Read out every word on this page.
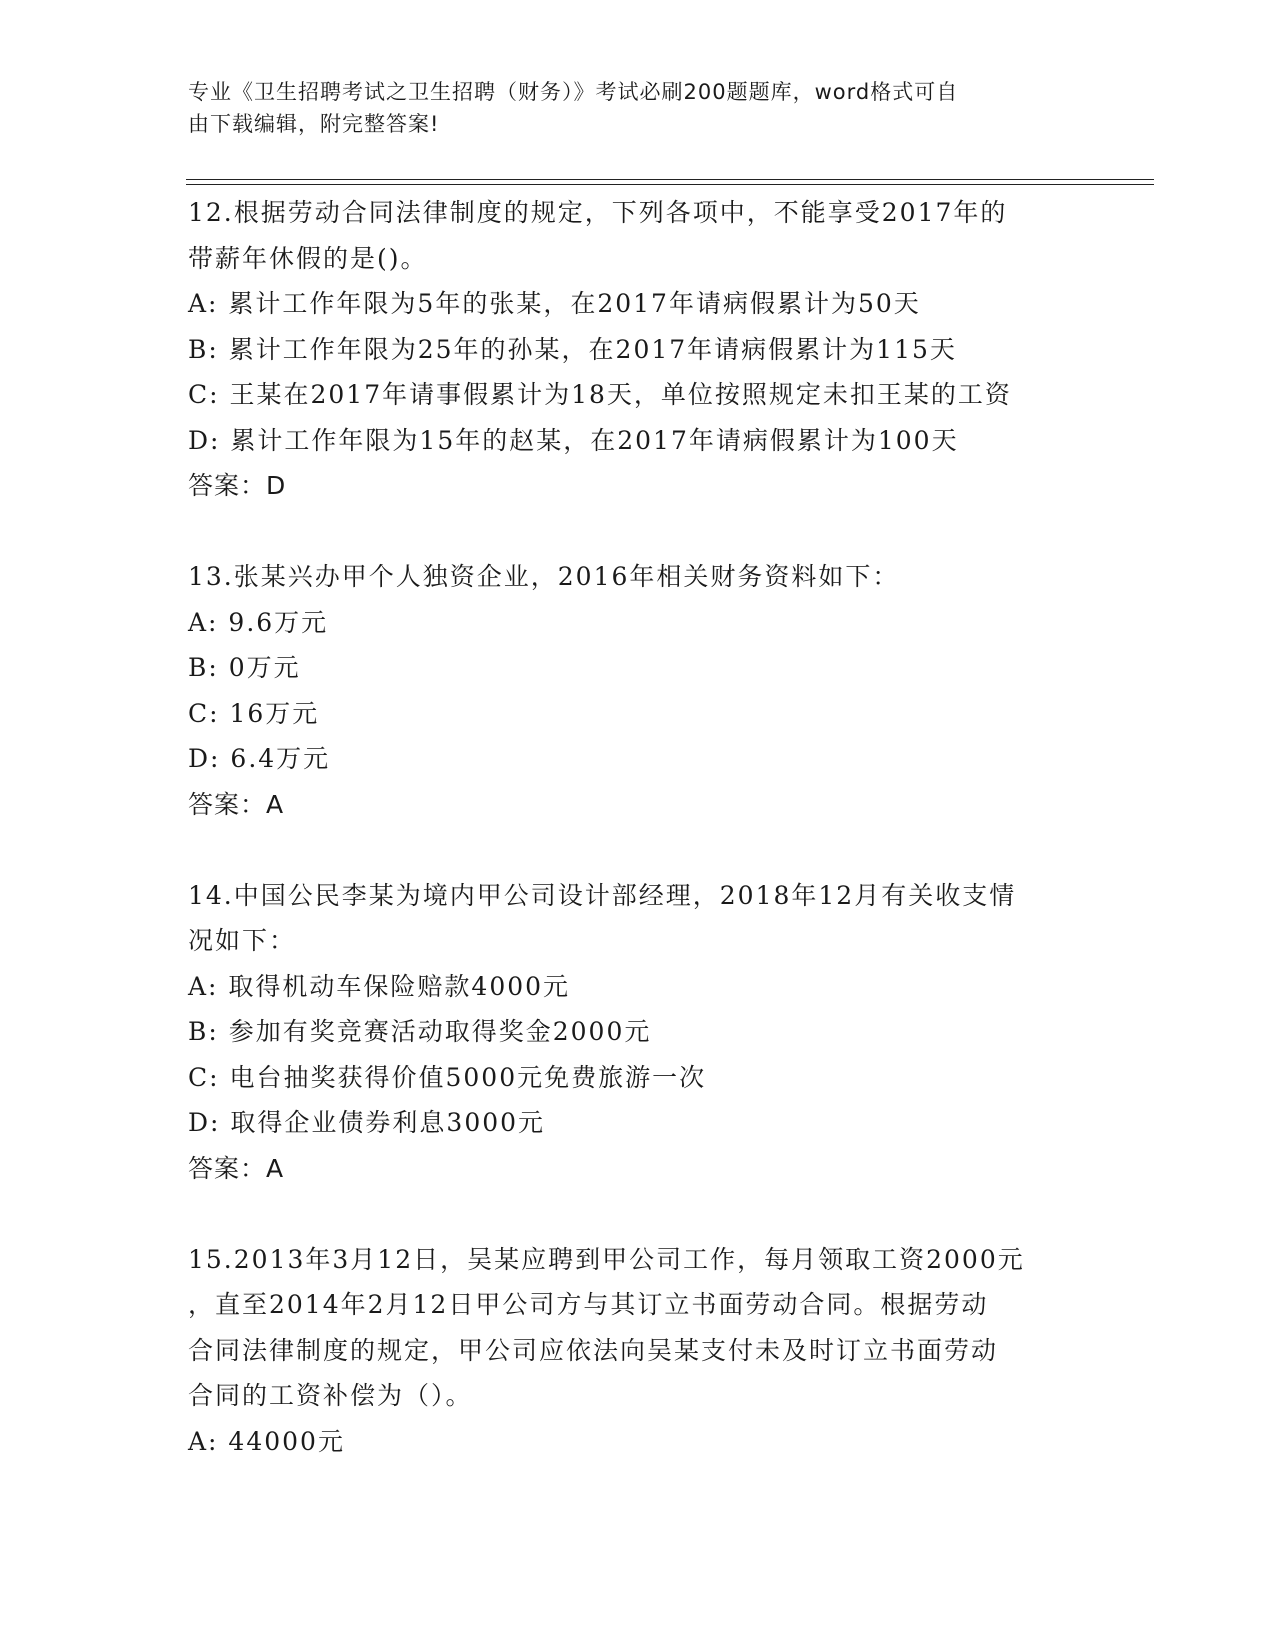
专业《卫生招聘考试之卫生招聘（财务）》考试必刷200题题库，word格式可自
由下载编辑，附完整答案!

12.根据劳动合同法律制度的规定，下列各项中，不能享受2017年的

带薪年休假的是()。

A: 累计工作年限为5年的张某，在2017年请病假累计为50天

B: 累计工作年限为25年的孙某，在2017年请病假累计为115天

C: 王某在2017年请事假累计为18天，单位按照规定未扣王某的工资

D: 累计工作年限为15年的赵某，在2017年请病假累计为100天

答案：D

13.张某兴办甲个人独资企业，2016年相关财务资料如下：

A: 9.6万元

B: 0万元

C: 16万元

D: 6.4万元

答案：A

14.中国公民李某为境内甲公司设计部经理，2018年12月有关收支情

况如下：

A: 取得机动车保险赔款4000元

B: 参加有奖竞赛活动取得奖金2000元

C: 电台抽奖获得价值5000元免费旅游一次

D: 取得企业债券利息3000元

答案：A

15.2013年3月12日，吴某应聘到甲公司工作，每月领取工资2000元

，直至2014年2月12日甲公司方与其订立书面劳动合同。根据劳动

合同法律制度的规定，甲公司应依法向吴某支付未及时订立书面劳动

合同的工资补偿为（）。

A: 44000元
